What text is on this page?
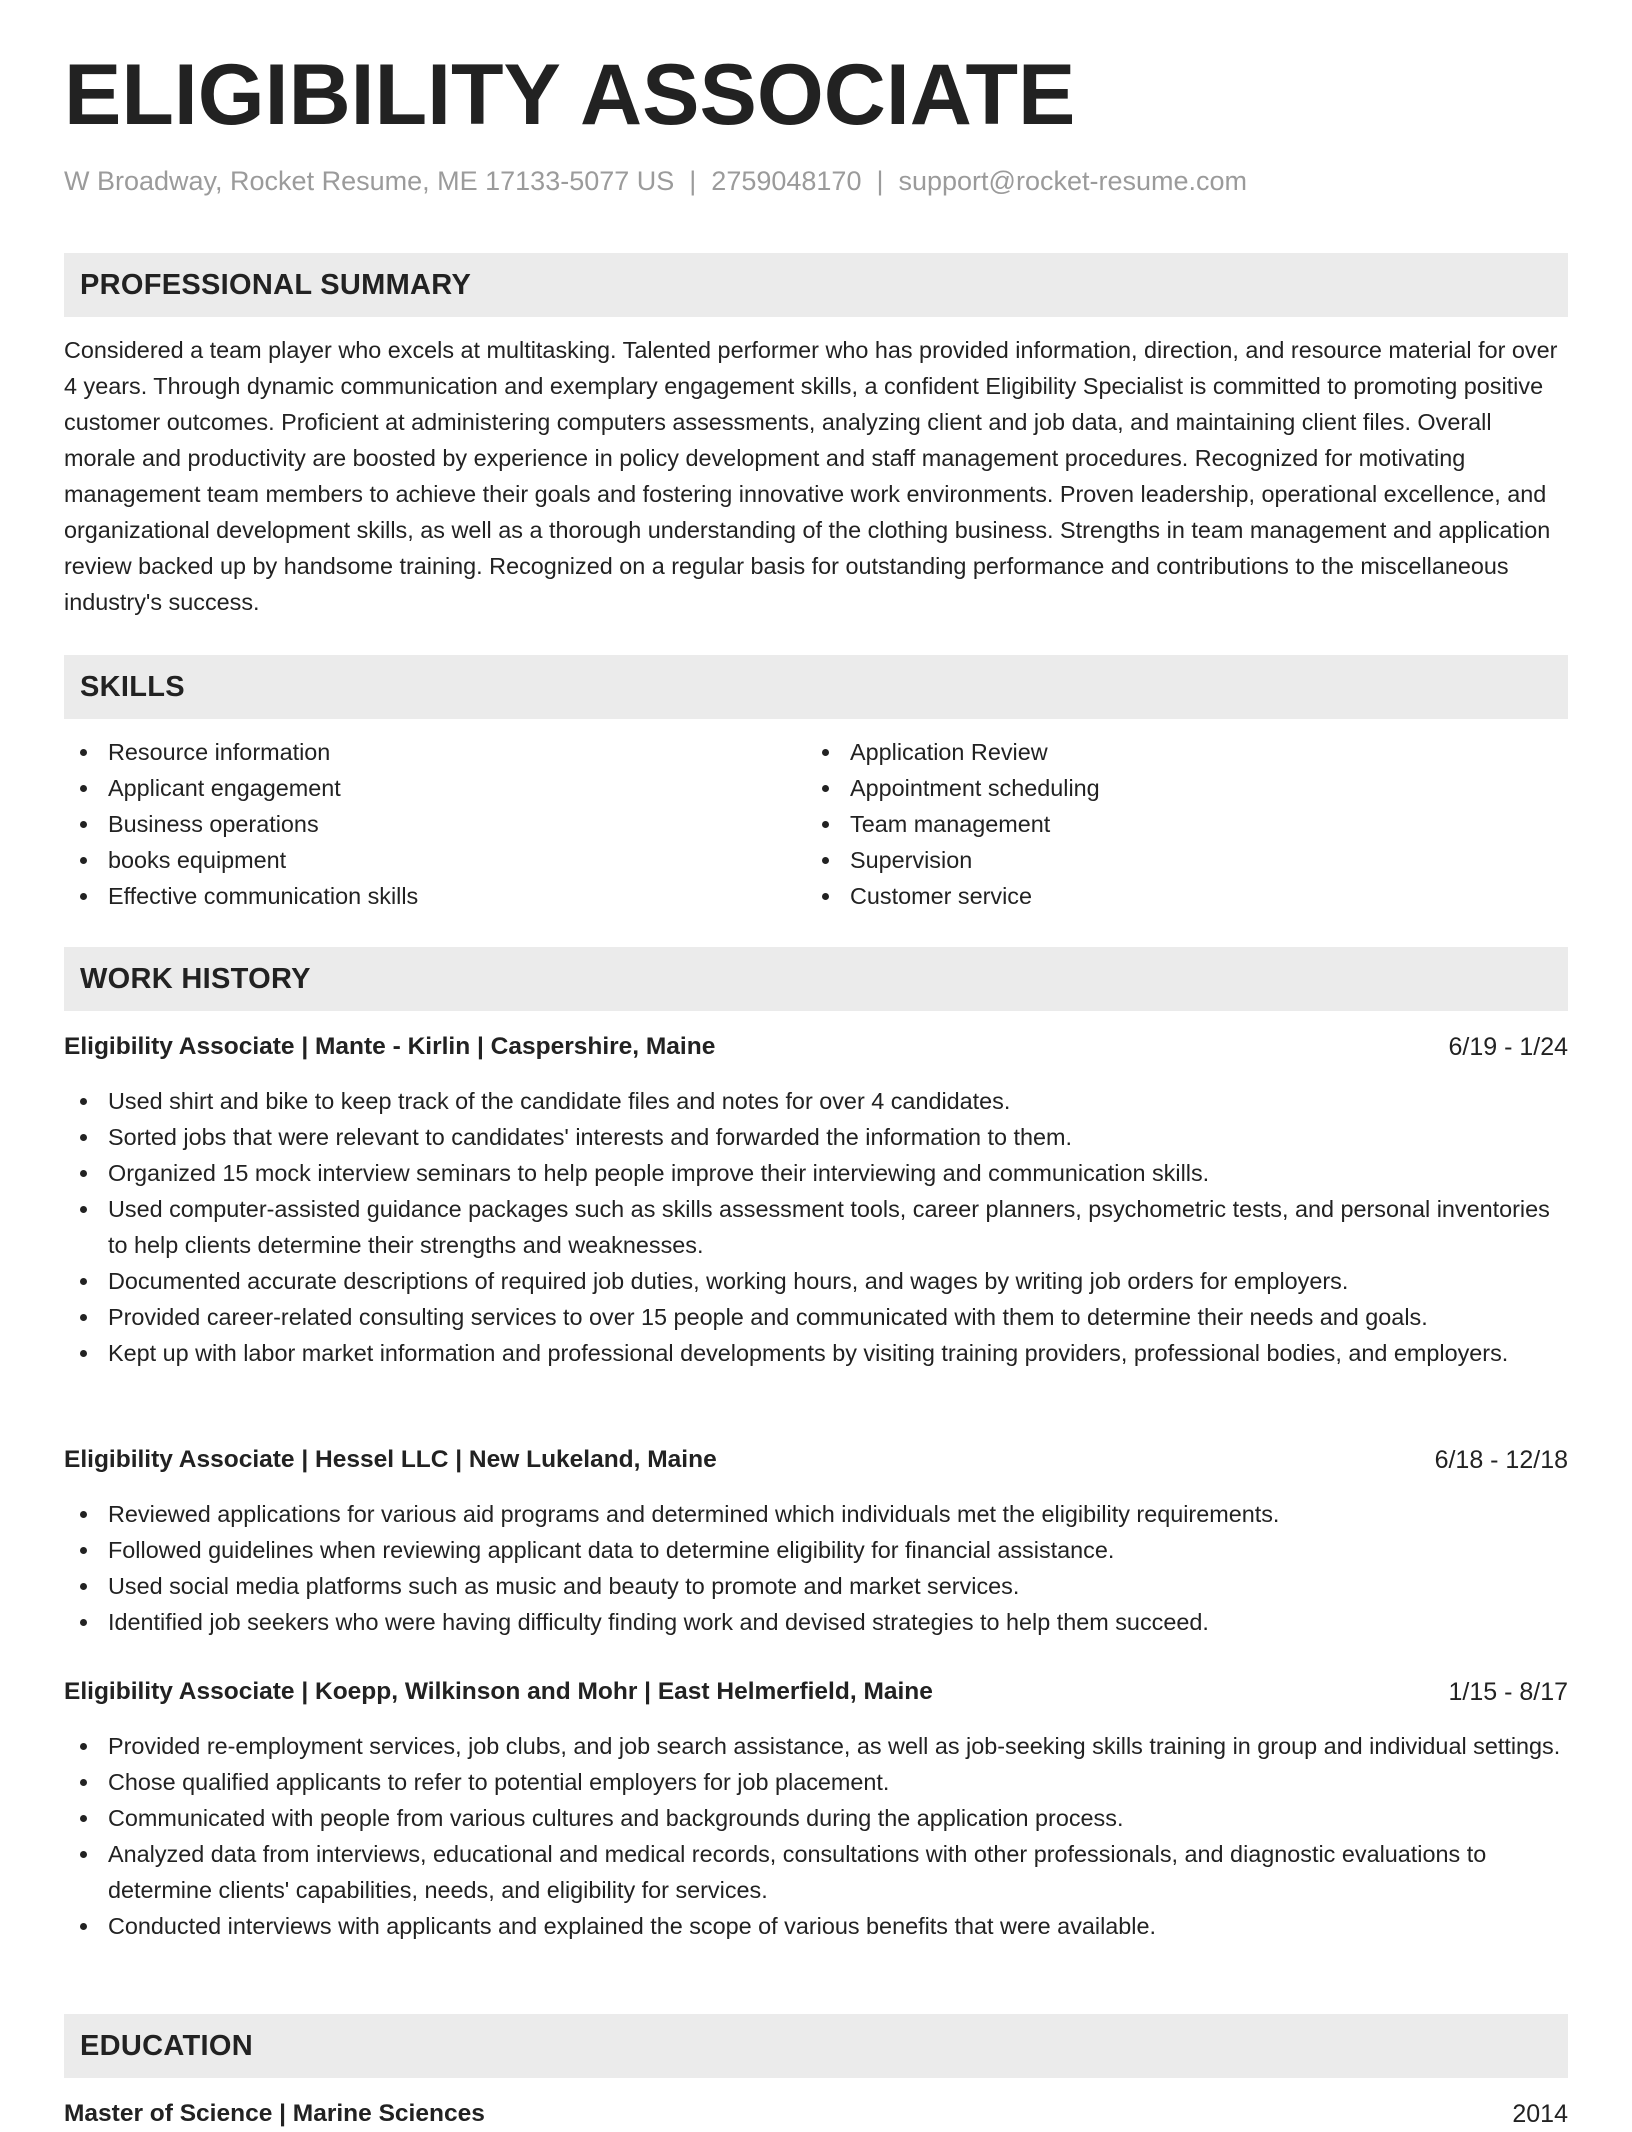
ELIGIBILITY ASSOCIATE
W Broadway, Rocket Resume, ME 17133-5077 US | 2759048170 | support@rocket-resume.com
PROFESSIONAL SUMMARY
Considered a team player who excels at multitasking. Talented performer who has provided information, direction, and resource material for over 4 years. Through dynamic communication and exemplary engagement skills, a confident Eligibility Specialist is committed to promoting positive customer outcomes. Proficient at administering computers assessments, analyzing client and job data, and maintaining client files. Overall morale and productivity are boosted by experience in policy development and staff management procedures. Recognized for motivating management team members to achieve their goals and fostering innovative work environments. Proven leadership, operational excellence, and organizational development skills, as well as a thorough understanding of the clothing business. Strengths in team management and application review backed up by handsome training. Recognized on a regular basis for outstanding performance and contributions to the miscellaneous industry's success.
SKILLS
Resource information
Applicant engagement
Business operations
books equipment
Effective communication skills
Application Review
Appointment scheduling
Team management
Supervision
Customer service
WORK HISTORY
Eligibility Associate | Mante - Kirlin | Caspershire, Maine	6/19 - 1/24
Used shirt and bike to keep track of the candidate files and notes for over 4 candidates.
Sorted jobs that were relevant to candidates' interests and forwarded the information to them.
Organized 15 mock interview seminars to help people improve their interviewing and communication skills.
Used computer-assisted guidance packages such as skills assessment tools, career planners, psychometric tests, and personal inventories to help clients determine their strengths and weaknesses.
Documented accurate descriptions of required job duties, working hours, and wages by writing job orders for employers.
Provided career-related consulting services to over 15 people and communicated with them to determine their needs and goals.
Kept up with labor market information and professional developments by visiting training providers, professional bodies, and employers.
Eligibility Associate | Hessel LLC | New Lukeland, Maine	6/18 - 12/18
Reviewed applications for various aid programs and determined which individuals met the eligibility requirements.
Followed guidelines when reviewing applicant data to determine eligibility for financial assistance.
Used social media platforms such as music and beauty to promote and market services.
Identified job seekers who were having difficulty finding work and devised strategies to help them succeed.
Eligibility Associate | Koepp, Wilkinson and Mohr | East Helmerfield, Maine	1/15 - 8/17
Provided re-employment services, job clubs, and job search assistance, as well as job-seeking skills training in group and individual settings.
Chose qualified applicants to refer to potential employers for job placement.
Communicated with people from various cultures and backgrounds during the application process.
Analyzed data from interviews, educational and medical records, consultations with other professionals, and diagnostic evaluations to determine clients' capabilities, needs, and eligibility for services.
Conducted interviews with applicants and explained the scope of various benefits that were available.
EDUCATION
Master of Science | Marine Sciences	2014
